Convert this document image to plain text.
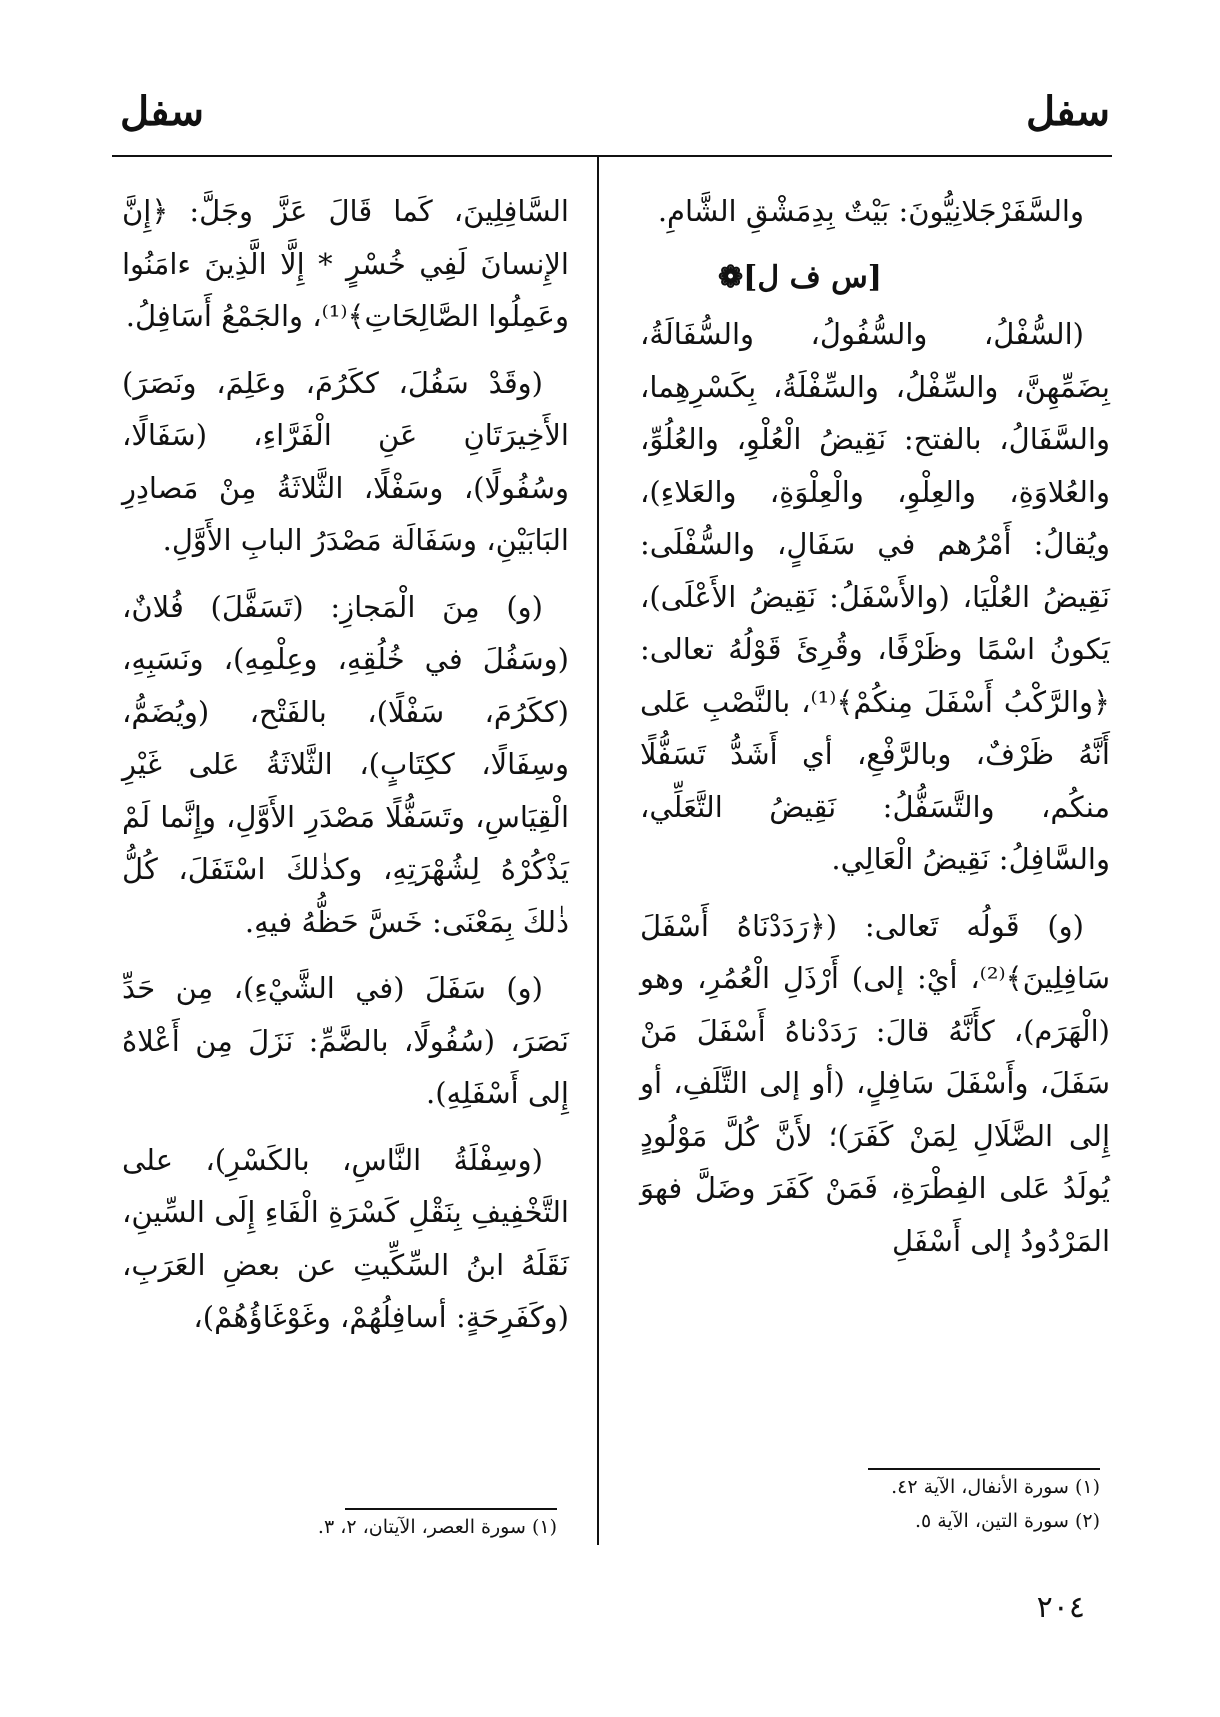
سفل
سفل

والسَّفَرْجَلانِيُّونَ: بَيْتٌ بِدِمَشْقِ الشَّامِ.

[س ف ل]❁

(السُّفْلُ، والسُّفُولُ، والسُّفَالَةُ، بِضَمِّهِنَّ، والسِّفْلُ، والسِّفْلَةُ، بِكَسْرِهِما، والسَّفَالُ، بالفتح: نَقِيضُ الْعُلْوِ، والعُلُوِّ، والعُلاوَةِ، والعِلْوِ، والْعِلْوَةِ، والعَلاءِ)، ويُقالُ: أَمْرُهم في سَفَالٍ، والسُّفْلَى: نَقِيضُ العُلْيَا، (والأَسْفَلُ: نَقِيضُ الأَعْلَى)، يَكونُ اسْمًا وظَرْفًا، وقُرِئَ قَوْلُهُ تعالى: ﴿والرَّكْبُ أَسْفَلَ مِنكُمْ﴾⁽¹⁾، بالنَّصْبِ عَلى أَنَّهُ ظَرْفٌ، وبالرَّفْعِ، أي أَشَدُّ تَسَفُّلًا منكُم، والتَّسَفُّلُ: نَقِيضُ التَّعَلِّي، والسَّافِلُ: نَقِيضُ الْعَالِي.

(و) قَولُه تَعالى: (﴿رَدَدْنَاهُ أَسْفَلَ سَافِلِينَ﴾⁽²⁾، أيْ: إلى) أَرْذَلِ الْعُمُرِ، وهو (الْهَرَم)، كأَنَّهُ قالَ: رَدَدْناهُ أَسْفَلَ مَنْ سَفَلَ، وأَسْفَلَ سَافِلٍ، (أو إلى التَّلَفِ، أو إِلى الضَّلَالِ لِمَنْ كَفَرَ)؛ لأَنَّ كُلَّ مَوْلُودٍ يُولَدُ عَلى الفِطْرَةِ، فَمَنْ كَفَرَ وضَلَّ فهوَ المَرْدُودُ إلى أَسْفَلِ

السَّافِلِينَ، كَما قَالَ عَزَّ وجَلَّ: ﴿إِنَّ الإِنسانَ لَفِي خُسْرٍ * إِلَّا الَّذِينَ ءامَنُوا وعَمِلُوا الصَّالِحَاتِ﴾⁽¹⁾، والجَمْعُ أَسَافِلُ.

(وقَدْ سَفُلَ، ككَرُمَ، وعَلِمَ، ونَصَرَ) الأَخِيرَتَانِ عَنِ الْفَرَّاءِ، (سَفَالًا، وسُفُولًا)، وسَفْلًا، الثَّلاثَةُ مِنْ مَصادِرِ البَابَيْنِ، وسَفَالَة مَصْدَرُ البابِ الأَوَّلِ.

(و) مِنَ الْمَجازِ: (تَسَفَّلَ) فُلانٌ، (وسَفُلَ في خُلُقِهِ، وعِلْمِهِ)، ونَسَبِهِ، (ككَرُمَ، سَفْلًا)، بالفَتْح، (ويُضَمُّ، وسِفَالًا، ككِتَابٍ)، الثَّلاثَةُ عَلى غَيْرِ الْقِيَاسِ، وتَسَفُّلًا مَصْدَرِ الأَوَّلِ، وإِنَّما لَمْ يَذْكُرْهُ لِشُهْرَتِهِ، وكذٰلكَ اسْتَفَلَ، كُلُّ ذٰلكَ بِمَعْنَى: خَسَّ حَظُّهُ فيهِ.

(و) سَفَلَ (في الشَّيْءِ)، مِن حَدِّ نَصَرَ، (سُفُولًا، بالضَّمِّ: نَزَلَ مِن أَعْلاهُ إِلى أَسْفَلِهِ).

(وسِفْلَةُ النَّاسِ، بالكَسْرِ)، على التَّخْفِيفِ بِنَقْلِ كَسْرَةِ الْفَاءِ إِلَى السِّينِ، نَقَلَهُ ابنُ السِّكِّيتِ عن بعضِ العَرَبِ، (وكَفَرِحَةٍ: أسافِلُهُمْ، وغَوْغَاؤُهُمْ)،

(١) سورة الأنفال، الآية ٤٢.

(٢) سورة التين، الآية ٥.

(١) سورة العصر، الآيتان، ٢، ٣.

٢٠٤
